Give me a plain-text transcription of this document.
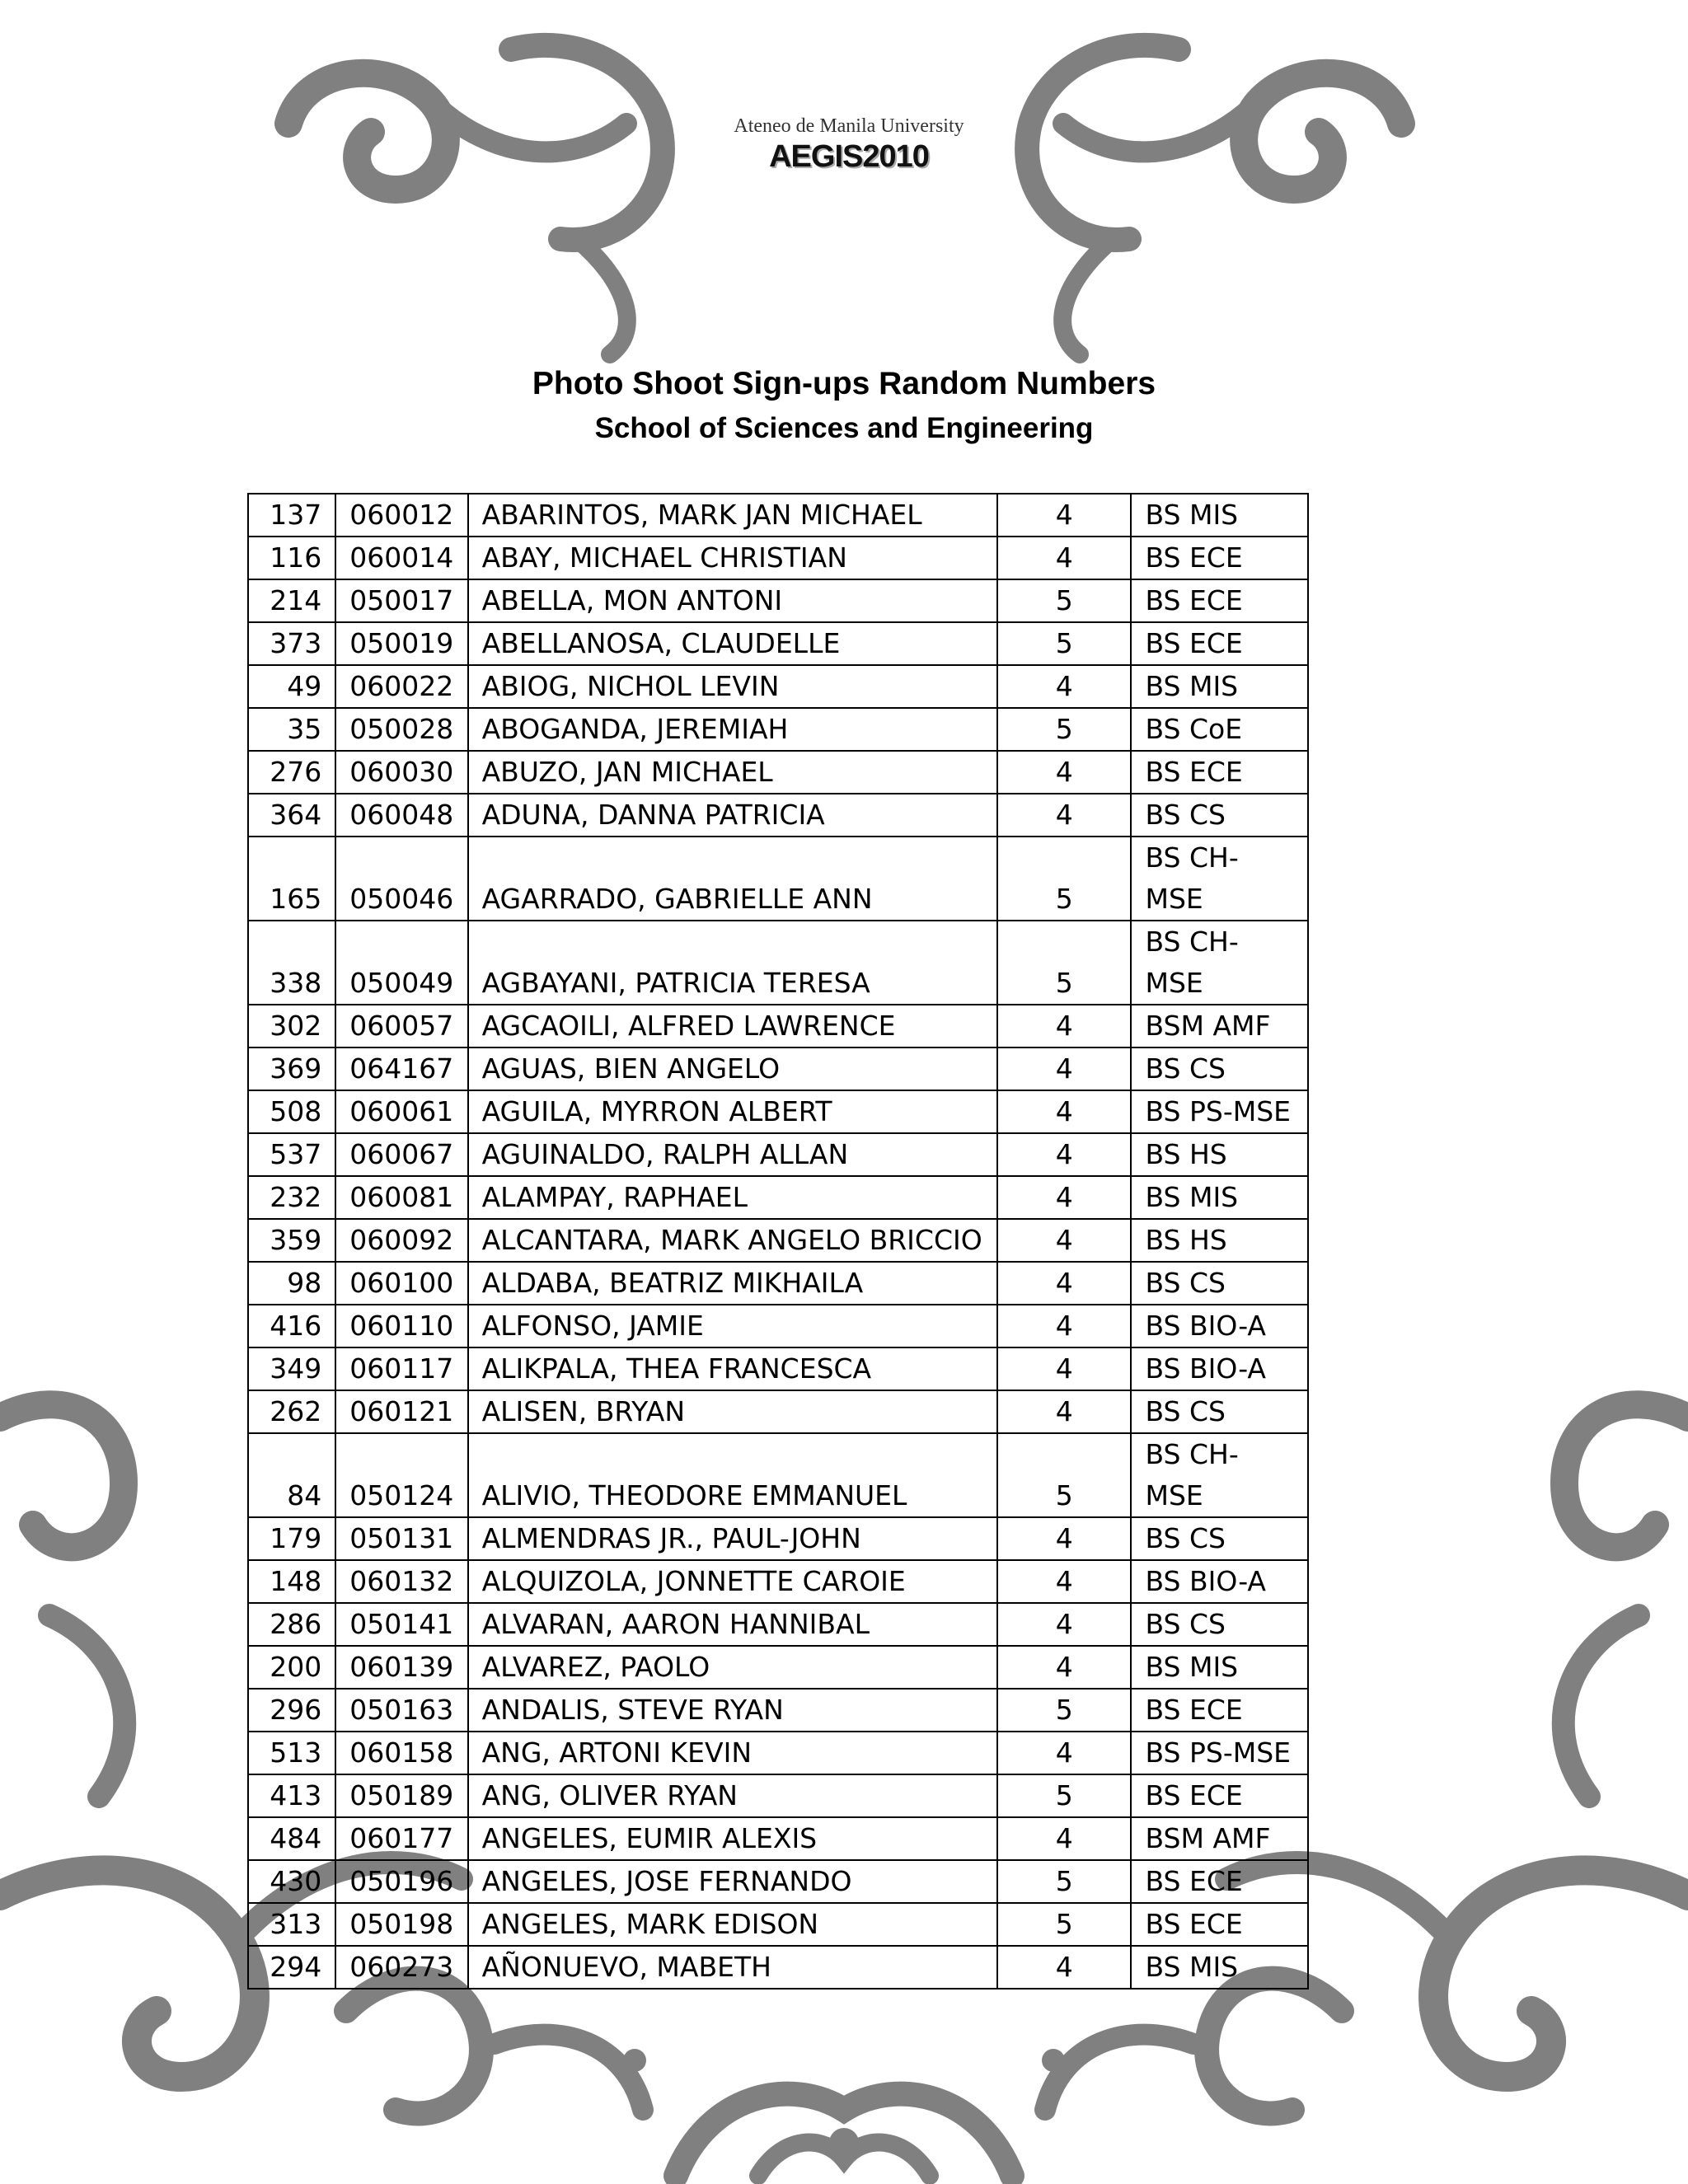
Ateneo de Manila University
AEGIS2010
Photo Shoot Sign-ups Random Numbers
School of Sciences and Engineering
137	060012	ABARINTOS, MARK JAN MICHAEL	4	BS MIS
116	060014	ABAY, MICHAEL CHRISTIAN	4	BS ECE
214	050017	ABELLA, MON ANTONI	5	BS ECE
373	050019	ABELLANOSA, CLAUDELLE	5	BS ECE
49	060022	ABIOG, NICHOL LEVIN	4	BS MIS
35	050028	ABOGANDA, JEREMIAH	5	BS CoE
276	060030	ABUZO, JAN MICHAEL	4	BS ECE
364	060048	ADUNA, DANNA PATRICIA	4	BS CS
165	050046	AGARRADO, GABRIELLE ANN	5	BS CH-MSE

338	050049	AGBAYANI, PATRICIA TERESA	5	BS CH-MSE

302	060057	AGCAOILI, ALFRED LAWRENCE	4	BSM AMF
369	064167	AGUAS, BIEN ANGELO	4	BS CS
508	060061	AGUILA, MYRRON ALBERT	4	BS PS-MSE
537	060067	AGUINALDO, RALPH ALLAN	4	BS HS
232	060081	ALAMPAY, RAPHAEL	4	BS MIS
359	060092	ALCANTARA, MARK ANGELO BRICCIO	4	BS HS
98	060100	ALDABA, BEATRIZ MIKHAILA	4	BS CS
416	060110	ALFONSO, JAMIE	4	BS BIO-A
349	060117	ALIKPALA, THEA FRANCESCA	4	BS BIO-A
262	060121	ALISEN, BRYAN	4	BS CS
84	050124	ALIVIO, THEODORE EMMANUEL	5	BS CH-MSE

179	050131	ALMENDRAS JR., PAUL-JOHN	4	BS CS
148	060132	ALQUIZOLA, JONNETTE CAROIE	4	BS BIO-A
286	050141	ALVARAN, AARON HANNIBAL	4	BS CS
200	060139	ALVAREZ, PAOLO	4	BS MIS
296	050163	ANDALIS, STEVE RYAN	5	BS ECE
513	060158	ANG, ARTONI KEVIN	4	BS PS-MSE
413	050189	ANG, OLIVER RYAN	5	BS ECE
484	060177	ANGELES, EUMIR ALEXIS	4	BSM AMF
430	050196	ANGELES, JOSE FERNANDO	5	BS ECE
313	050198	ANGELES, MARK EDISON	5	BS ECE
294	060273	AÑONUEVO, MABETH	4	BS MIS
